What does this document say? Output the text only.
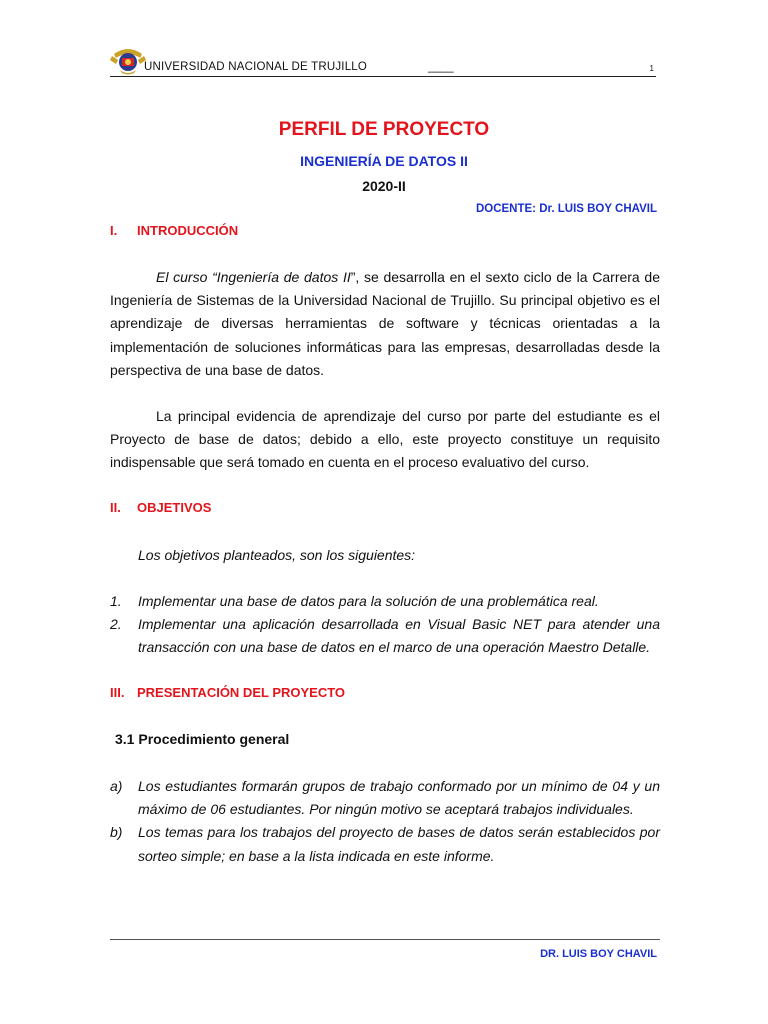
UNIVERSIDAD NACIONAL DE TRUJILLO	____	1
PERFIL DE PROYECTO
INGENIERÍA DE DATOS II
2020-II
DOCENTE: Dr. LUIS BOY CHAVIL
I. INTRODUCCIÓN
El curso “Ingeniería de datos II”, se desarrolla en el sexto ciclo de la Carrera de Ingeniería de Sistemas de la Universidad Nacional de Trujillo. Su principal objetivo es el aprendizaje de diversas herramientas de software y técnicas orientadas a la implementación de soluciones informáticas para las empresas, desarrolladas desde la perspectiva de una base de datos.
La principal evidencia de aprendizaje del curso por parte del estudiante es el Proyecto de base de datos; debido a ello, este proyecto constituye un requisito indispensable que será tomado en cuenta en el proceso evaluativo del curso.
II. OBJETIVOS
Los objetivos planteados, son los siguientes:
1. Implementar una base de datos para la solución de una problemática real.
2. Implementar una aplicación desarrollada en Visual Basic NET para atender una transacción con una base de datos en el marco de una operación Maestro Detalle.
III. PRESENTACIÓN DEL PROYECTO
3.1 Procedimiento general
a) Los estudiantes formarán grupos de trabajo conformado por un mínimo de 04 y un máximo de 06 estudiantes. Por ningún motivo se aceptará trabajos individuales.
b) Los temas para los trabajos del proyecto de bases de datos serán establecidos por sorteo simple; en base a la lista indicada en este informe.
DR. LUIS BOY CHAVIL
